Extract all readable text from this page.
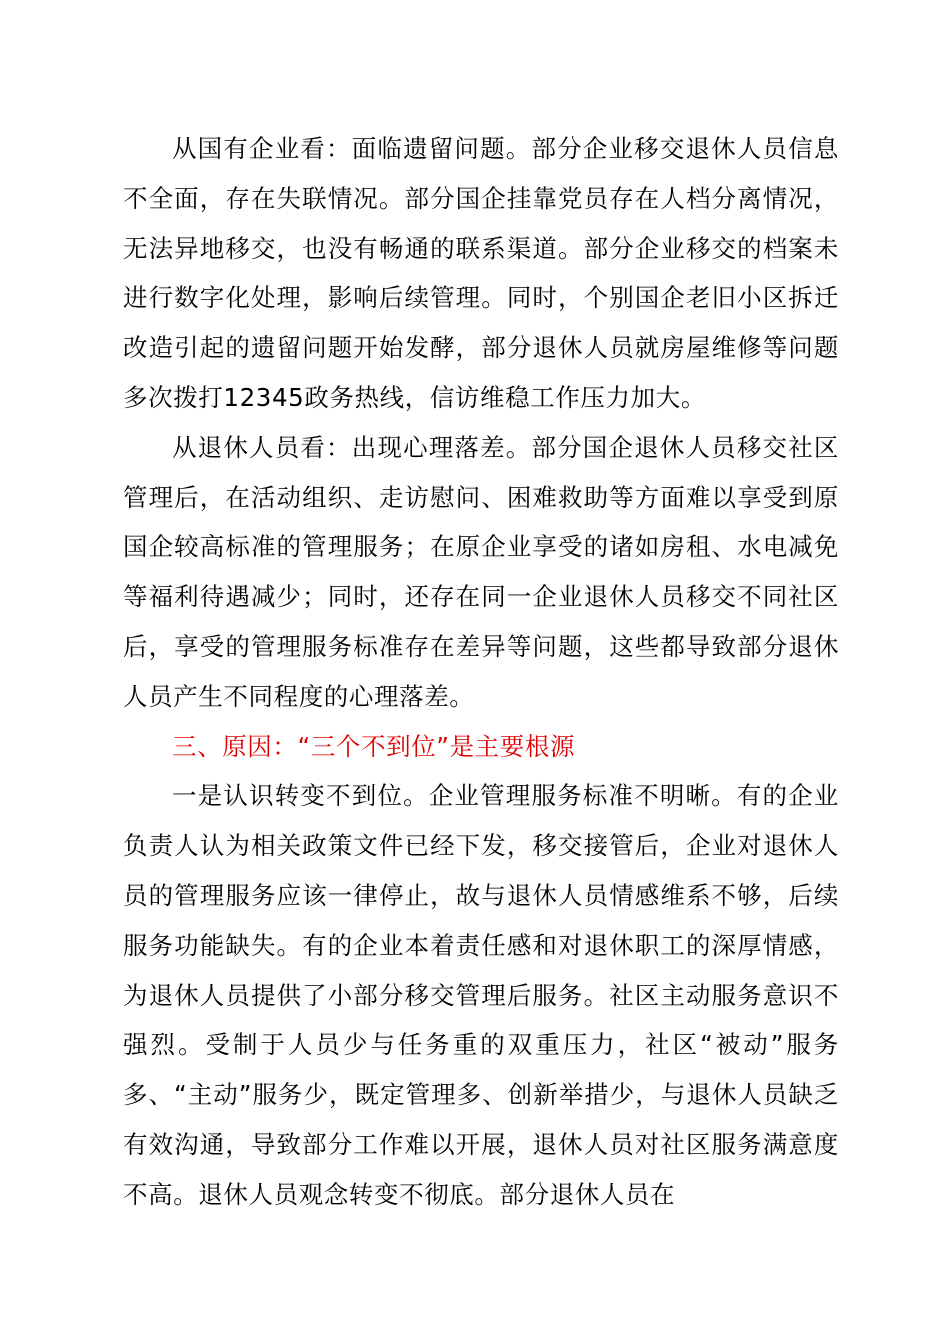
从国有企业看：面临遗留问题。部分企业移交退休人员信息不全面，存在失联情况。部分国企挂靠党员存在人档分离情况，无法异地移交，也没有畅通的联系渠道。部分企业移交的档案未进行数字化处理，影响后续管理。同时，个别国企老旧小区拆迁改造引起的遗留问题开始发酵，部分退休人员就房屋维修等问题多次拨打12345政务热线，信访维稳工作压力加大。

从退休人员看：出现心理落差。部分国企退休人员移交社区管理后，在活动组织、走访慰问、困难救助等方面难以享受到原国企较高标准的管理服务；在原企业享受的诸如房租、水电减免等福利待遇减少；同时，还存在同一企业退休人员移交不同社区后，享受的管理服务标准存在差异等问题，这些都导致部分退休人员产生不同程度的心理落差。

三、原因：“三个不到位”是主要根源

一是认识转变不到位。企业管理服务标准不明晰。有的企业负责人认为相关政策文件已经下发，移交接管后，企业对退休人员的管理服务应该一律停止，故与退休人员情感维系不够，后续服务功能缺失。有的企业本着责任感和对退休职工的深厚情感，为退休人员提供了小部分移交管理后服务。社区主动服务意识不强烈。受制于人员少与任务重的双重压力，社区“被动”服务多、“主动”服务少，既定管理多、创新举措少，与退休人员缺乏有效沟通，导致部分工作难以开展，退休人员对社区服务满意度不高。退休人员观念转变不彻底。部分退休人员在
